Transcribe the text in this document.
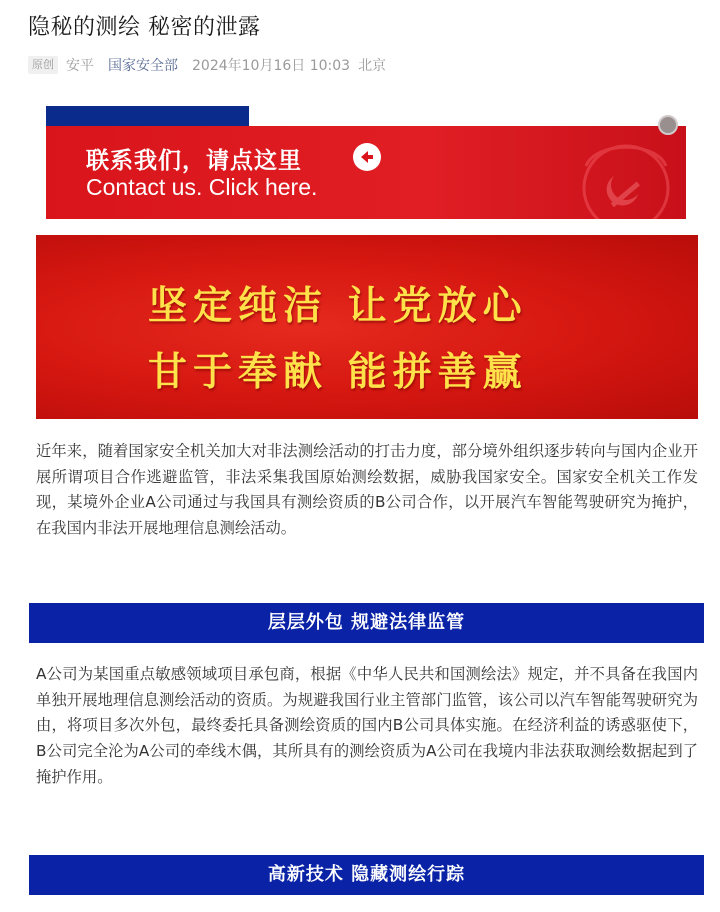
隐秘的测绘 秘密的泄露
原创 安平 国家安全部 2024年10月16日 10:03 北京
联系我们，请点这里
Contact us. Click here.
坚定纯洁 让党放心
甘于奉献 能拼善赢

近年来，随着国家安全机关加大对非法测绘活动的打击力度，部分境外组织逐步转向与国内企业开展所谓项目合作逃避监管，非法采集我国原始测绘数据，威胁我国家安全。国家安全机关工作发现，某境外企业A公司通过与我国具有测绘资质的B公司合作，以开展汽车智能驾驶研究为掩护，在我国内非法开展地理信息测绘活动。

层层外包 规避法律监管

A公司为某国重点敏感领域项目承包商，根据《中华人民共和国测绘法》规定，并不具备在我国内单独开展地理信息测绘活动的资质。为规避我国行业主管部门监管，该公司以汽车智能驾驶研究为由，将项目多次外包，最终委托具备测绘资质的国内B公司具体实施。在经济利益的诱惑驱使下，B公司完全沦为A公司的牵线木偶，其所具有的测绘资质为A公司在我境内非法获取测绘数据起到了掩护作用。

高新技术 隐藏测绘行踪
